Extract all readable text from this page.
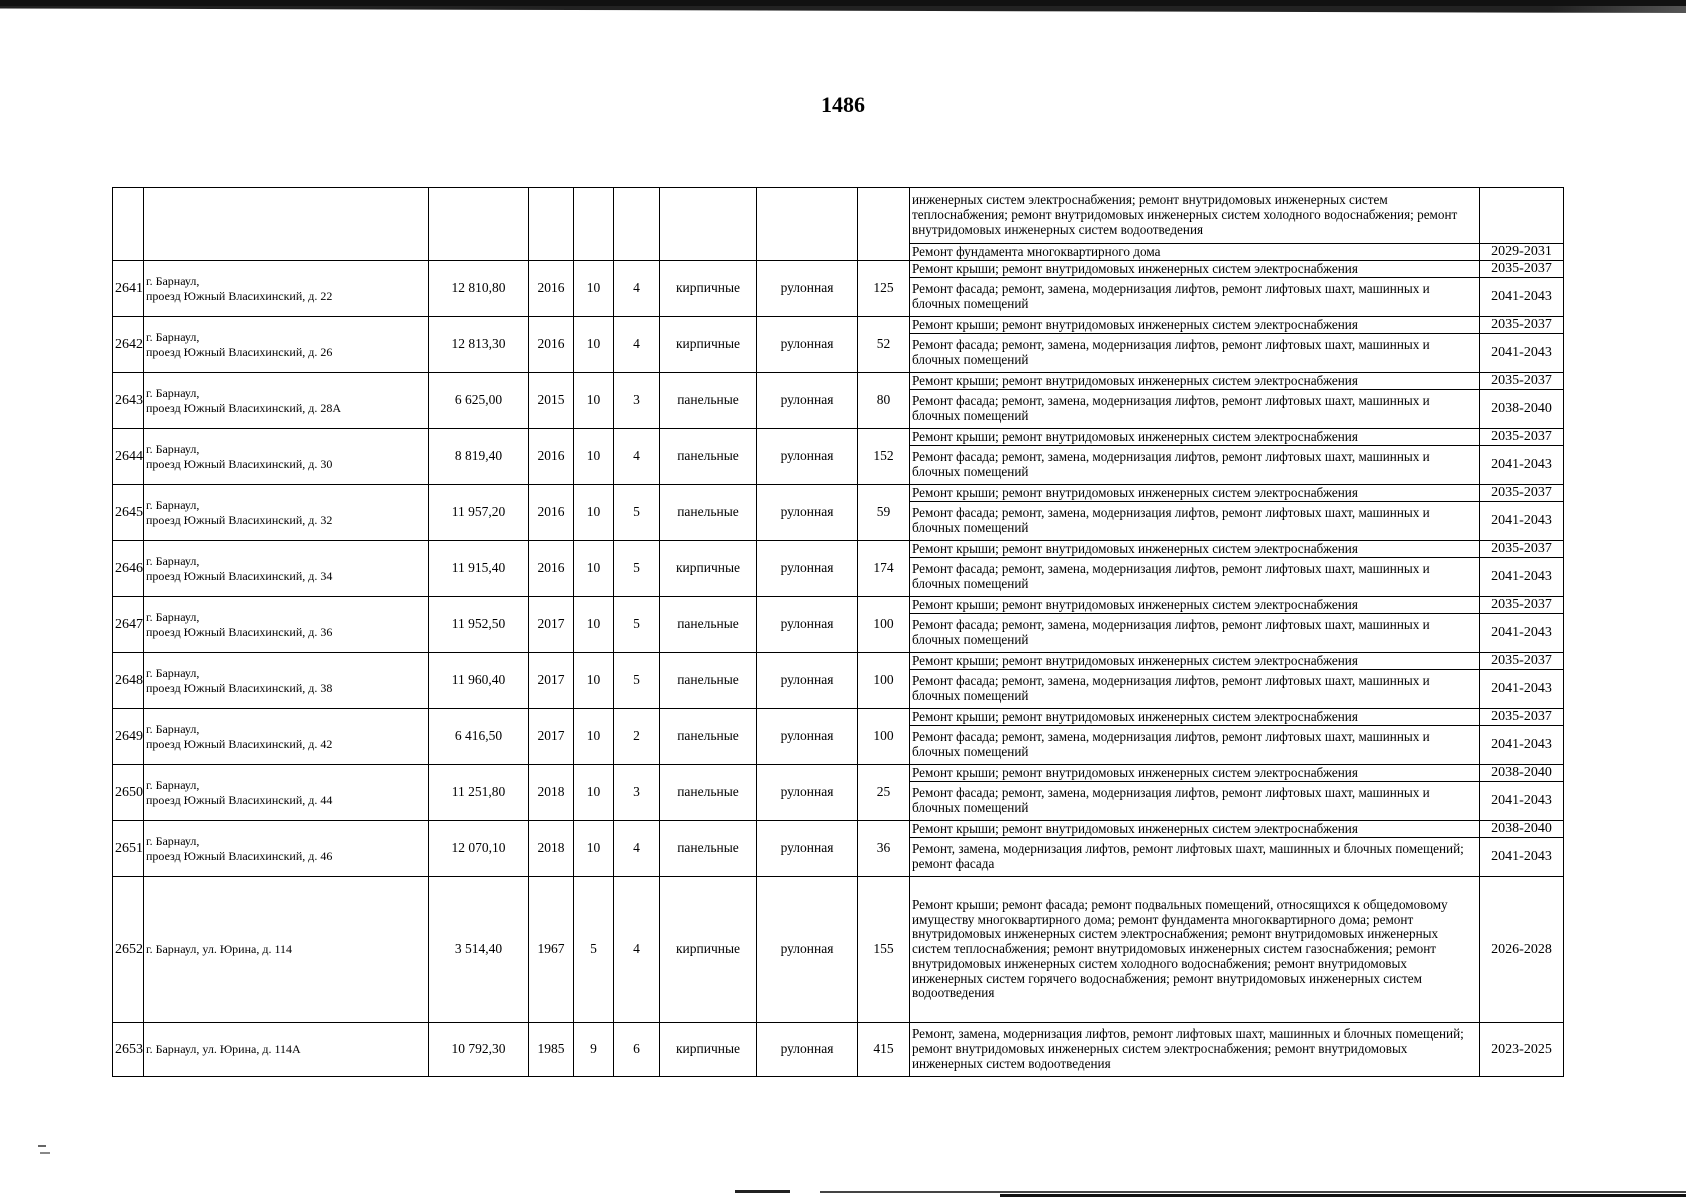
1486
									инженерных систем электроснабжения; ремонт внутридомовых инженерных систем теплоснабжения; ремонт внутридомовых инженерных систем холодного водоснабжения; ремонт внутридомовых инженерных систем водоотведения	
									Ремонт фундамента многоквартирного дома	2029-2031
2641	г. Барнаул,
проезд Южный Власихинский, д. 22	12 810,80	2016	10	4	кирпичные	рулонная	125	Ремонт крыши; ремонт внутридомовых инженерных систем электроснабжения	2035-2037
									Ремонт фасада; ремонт, замена, модернизация лифтов, ремонт лифтовых шахт, машинных и блочных помещений	2041-2043
2642	г. Барнаул,
проезд Южный Власихинский, д. 26	12 813,30	2016	10	4	кирпичные	рулонная	52	Ремонт крыши; ремонт внутридомовых инженерных систем электроснабжения	2035-2037
									Ремонт фасада; ремонт, замена, модернизация лифтов, ремонт лифтовых шахт, машинных и блочных помещений	2041-2043
2643	г. Барнаул,
проезд Южный Власихинский, д. 28А	6 625,00	2015	10	3	панельные	рулонная	80	Ремонт крыши; ремонт внутридомовых инженерных систем электроснабжения	2035-2037
									Ремонт фасада; ремонт, замена, модернизация лифтов, ремонт лифтовых шахт, машинных и блочных помещений	2038-2040
2644	г. Барнаул,
проезд Южный Власихинский, д. 30	8 819,40	2016	10	4	панельные	рулонная	152	Ремонт крыши; ремонт внутридомовых инженерных систем электроснабжения	2035-2037
									Ремонт фасада; ремонт, замена, модернизация лифтов, ремонт лифтовых шахт, машинных и блочных помещений	2041-2043
2645	г. Барнаул,
проезд Южный Власихинский, д. 32	11 957,20	2016	10	5	панельные	рулонная	59	Ремонт крыши; ремонт внутридомовых инженерных систем электроснабжения	2035-2037
									Ремонт фасада; ремонт, замена, модернизация лифтов, ремонт лифтовых шахт, машинных и блочных помещений	2041-2043
2646	г. Барнаул,
проезд Южный Власихинский, д. 34	11 915,40	2016	10	5	кирпичные	рулонная	174	Ремонт крыши; ремонт внутридомовых инженерных систем электроснабжения	2035-2037
									Ремонт фасада; ремонт, замена, модернизация лифтов, ремонт лифтовых шахт, машинных и блочных помещений	2041-2043
2647	г. Барнаул,
проезд Южный Власихинский, д. 36	11 952,50	2017	10	5	панельные	рулонная	100	Ремонт крыши; ремонт внутридомовых инженерных систем электроснабжения	2035-2037
									Ремонт фасада; ремонт, замена, модернизация лифтов, ремонт лифтовых шахт, машинных и блочных помещений	2041-2043
2648	г. Барнаул,
проезд Южный Власихинский, д. 38	11 960,40	2017	10	5	панельные	рулонная	100	Ремонт крыши; ремонт внутридомовых инженерных систем электроснабжения	2035-2037
									Ремонт фасада; ремонт, замена, модернизация лифтов, ремонт лифтовых шахт, машинных и блочных помещений	2041-2043
2649	г. Барнаул,
проезд Южный Власихинский, д. 42	6 416,50	2017	10	2	панельные	рулонная	100	Ремонт крыши; ремонт внутридомовых инженерных систем электроснабжения	2035-2037
									Ремонт фасада; ремонт, замена, модернизация лифтов, ремонт лифтовых шахт, машинных и блочных помещений	2041-2043
2650	г. Барнаул,
проезд Южный Власихинский, д. 44	11 251,80	2018	10	3	панельные	рулонная	25	Ремонт крыши; ремонт внутридомовых инженерных систем электроснабжения	2038-2040
									Ремонт фасада; ремонт, замена, модернизация лифтов, ремонт лифтовых шахт, машинных и блочных помещений	2041-2043
2651	г. Барнаул,
проезд Южный Власихинский, д. 46	12 070,10	2018	10	4	панельные	рулонная	36	Ремонт крыши; ремонт внутридомовых инженерных систем электроснабжения	2038-2040
									Ремонт, замена, модернизация лифтов, ремонт лифтовых шахт, машинных и блочных помещений; ремонт фасада	2041-2043
2652	г. Барнаул, ул. Юрина, д. 114	3 514,40	1967	5	4	кирпичные	рулонная	155	Ремонт крыши; ремонт фасада; ремонт подвальных помещений, относящихся к общедомовому имуществу многоквартирного дома; ремонт фундамента многоквартирного дома; ремонт внутридомовых инженерных систем электроснабжения; ремонт внутридомовых инженерных систем теплоснабжения; ремонт внутридомовых инженерных систем газоснабжения; ремонт внутридомовых инженерных систем холодного водоснабжения; ремонт внутридомовых инженерных систем горячего водоснабжения; ремонт внутридомовых инженерных систем водоотведения	2026-2028
2653	г. Барнаул, ул. Юрина, д. 114А	10 792,30	1985	9	6	кирпичные	рулонная	415	Ремонт, замена, модернизация лифтов, ремонт лифтовых шахт, машинных и блочных помещений; ремонт внутридомовых инженерных систем электроснабжения; ремонт внутридомовых инженерных систем водоотведения	2023-2025
